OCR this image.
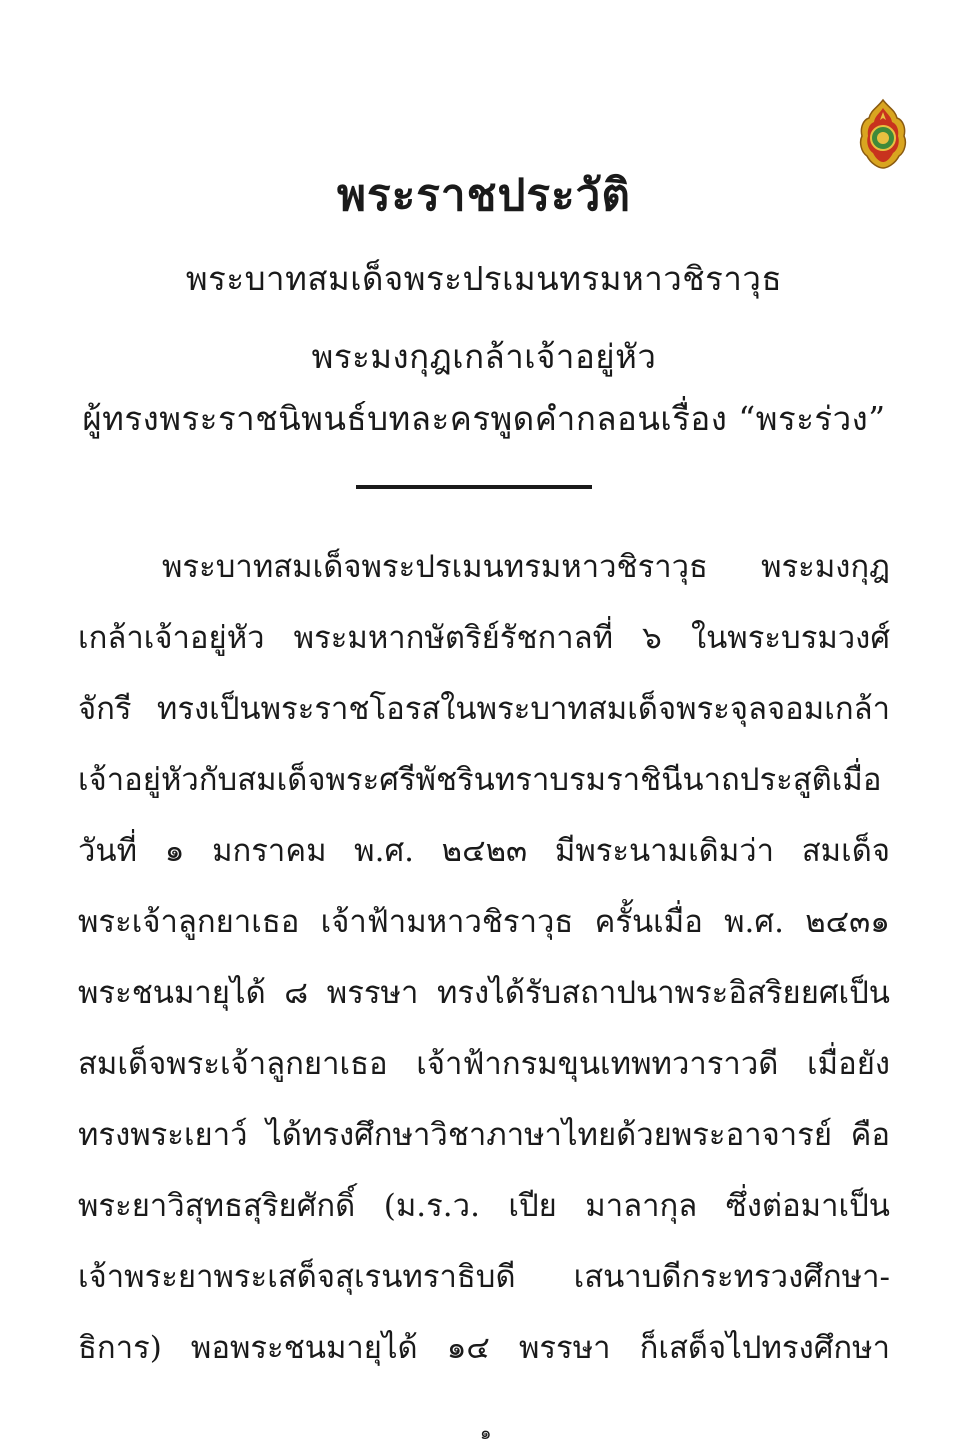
พระราชประวัติ
พระบาทสมเด็จพระปรเมนทรมหาวชิราวุธ
พระมงกุฎเกล้าเจ้าอยู่หัว
ผู้ทรงพระราชนิพนธ์บทละครพูดคำกลอนเรื่อง “พระร่วง”
พระบาทสมเด็จพระปรเมนทรมหาวชิราวุธ พระมงกุฎ
เกล้าเจ้าอยู่หัว พระมหากษัตริย์รัชกาลที่ ๖ ในพระบรมวงศ์
จักรี ทรงเป็นพระราชโอรสในพระบาทสมเด็จพระจุลจอมเกล้า
เจ้าอยู่หัวกับสมเด็จพระศรีพัชรินทราบรมราชินีนาถประสูติเมื่อ
วันที่ ๑ มกราคม พ.ศ. ๒๔๒๓ มีพระนามเดิมว่า สมเด็จ
พระเจ้าลูกยาเธอ เจ้าฟ้ามหาวชิราวุธ ครั้นเมื่อ พ.ศ. ๒๔๓๑
พระชนมายุได้ ๘ พรรษา ทรงได้รับสถาปนาพระอิสริยยศเป็น
สมเด็จพระเจ้าลูกยาเธอ เจ้าฟ้ากรมขุนเทพทวาราวดี เมื่อยัง
ทรงพระเยาว์ ได้ทรงศึกษาวิชาภาษาไทยด้วยพระอาจารย์ คือ
พระยาวิสุทธสุริยศักดิ์ (ม.ร.ว. เปีย มาลากุล ซึ่งต่อมาเป็น
เจ้าพระยาพระเสด็จสุเรนทราธิบดี เสนาบดีกระทรวงศึกษา-
ธิการ) พอพระชนมายุได้ ๑๔ พรรษา ก็เสด็จไปทรงศึกษา
๑
